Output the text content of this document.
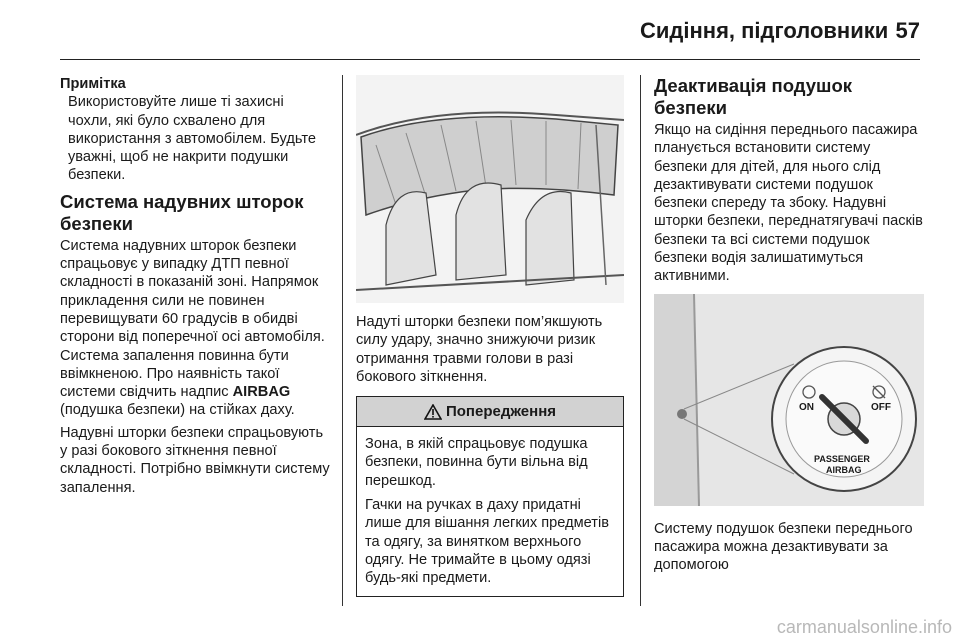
Сидіння, підголовники 57
Примітка

Використовуйте лише ті захисні чохли, які було схвалено для використання з автомобілем. Будьте уважні, щоб не накрити подушки безпеки.

Система надувних шторок безпеки

Система надувних шторок безпеки спрацьовує у випадку ДТП певної складності в показаній зоні. Напрямок прикладення сили не повинен перевищувати 60 градусів в обидві сторони від поперечної осі автомобіля. Система запалення повинна бути ввімкненою. Про наявність такої системи свідчить надпис AIRBAG (подушка безпеки) на стійках даху.

Надувні шторки безпеки спрацьовують у разі бокового зіткнення певної складності. Потрібно ввімкнути систему запалення.

Надуті шторки безпеки пом’якшують силу удару, значно знижуючи ризик отримання травми голови в разі бокового зіткнення.

Попередження

Зона, в якій спрацьовує подушка безпеки, повинна бути вільна від перешкод.

Гачки на ручках в даху придатні лише для вішання легких предметів та одягу, за винятком верхнього одягу. Не тримайте в цьому одязі будь-які предмети.

Деактивація подушок безпеки

Якщо на сидіння переднього пасажира планується встановити систему безпеки для дітей, для нього слід дезактивувати системи подушок безпеки спереду та збоку. Надувні шторки безпеки, переднатягувачі пасків безпеки та всі системи подушок безпеки водія залишатимуться активними.

ON	OFF
PASSENGER
AIRBAG

Систему подушок безпеки переднього пасажира можна дезактивувати за допомогою

carmanualsonline.info
